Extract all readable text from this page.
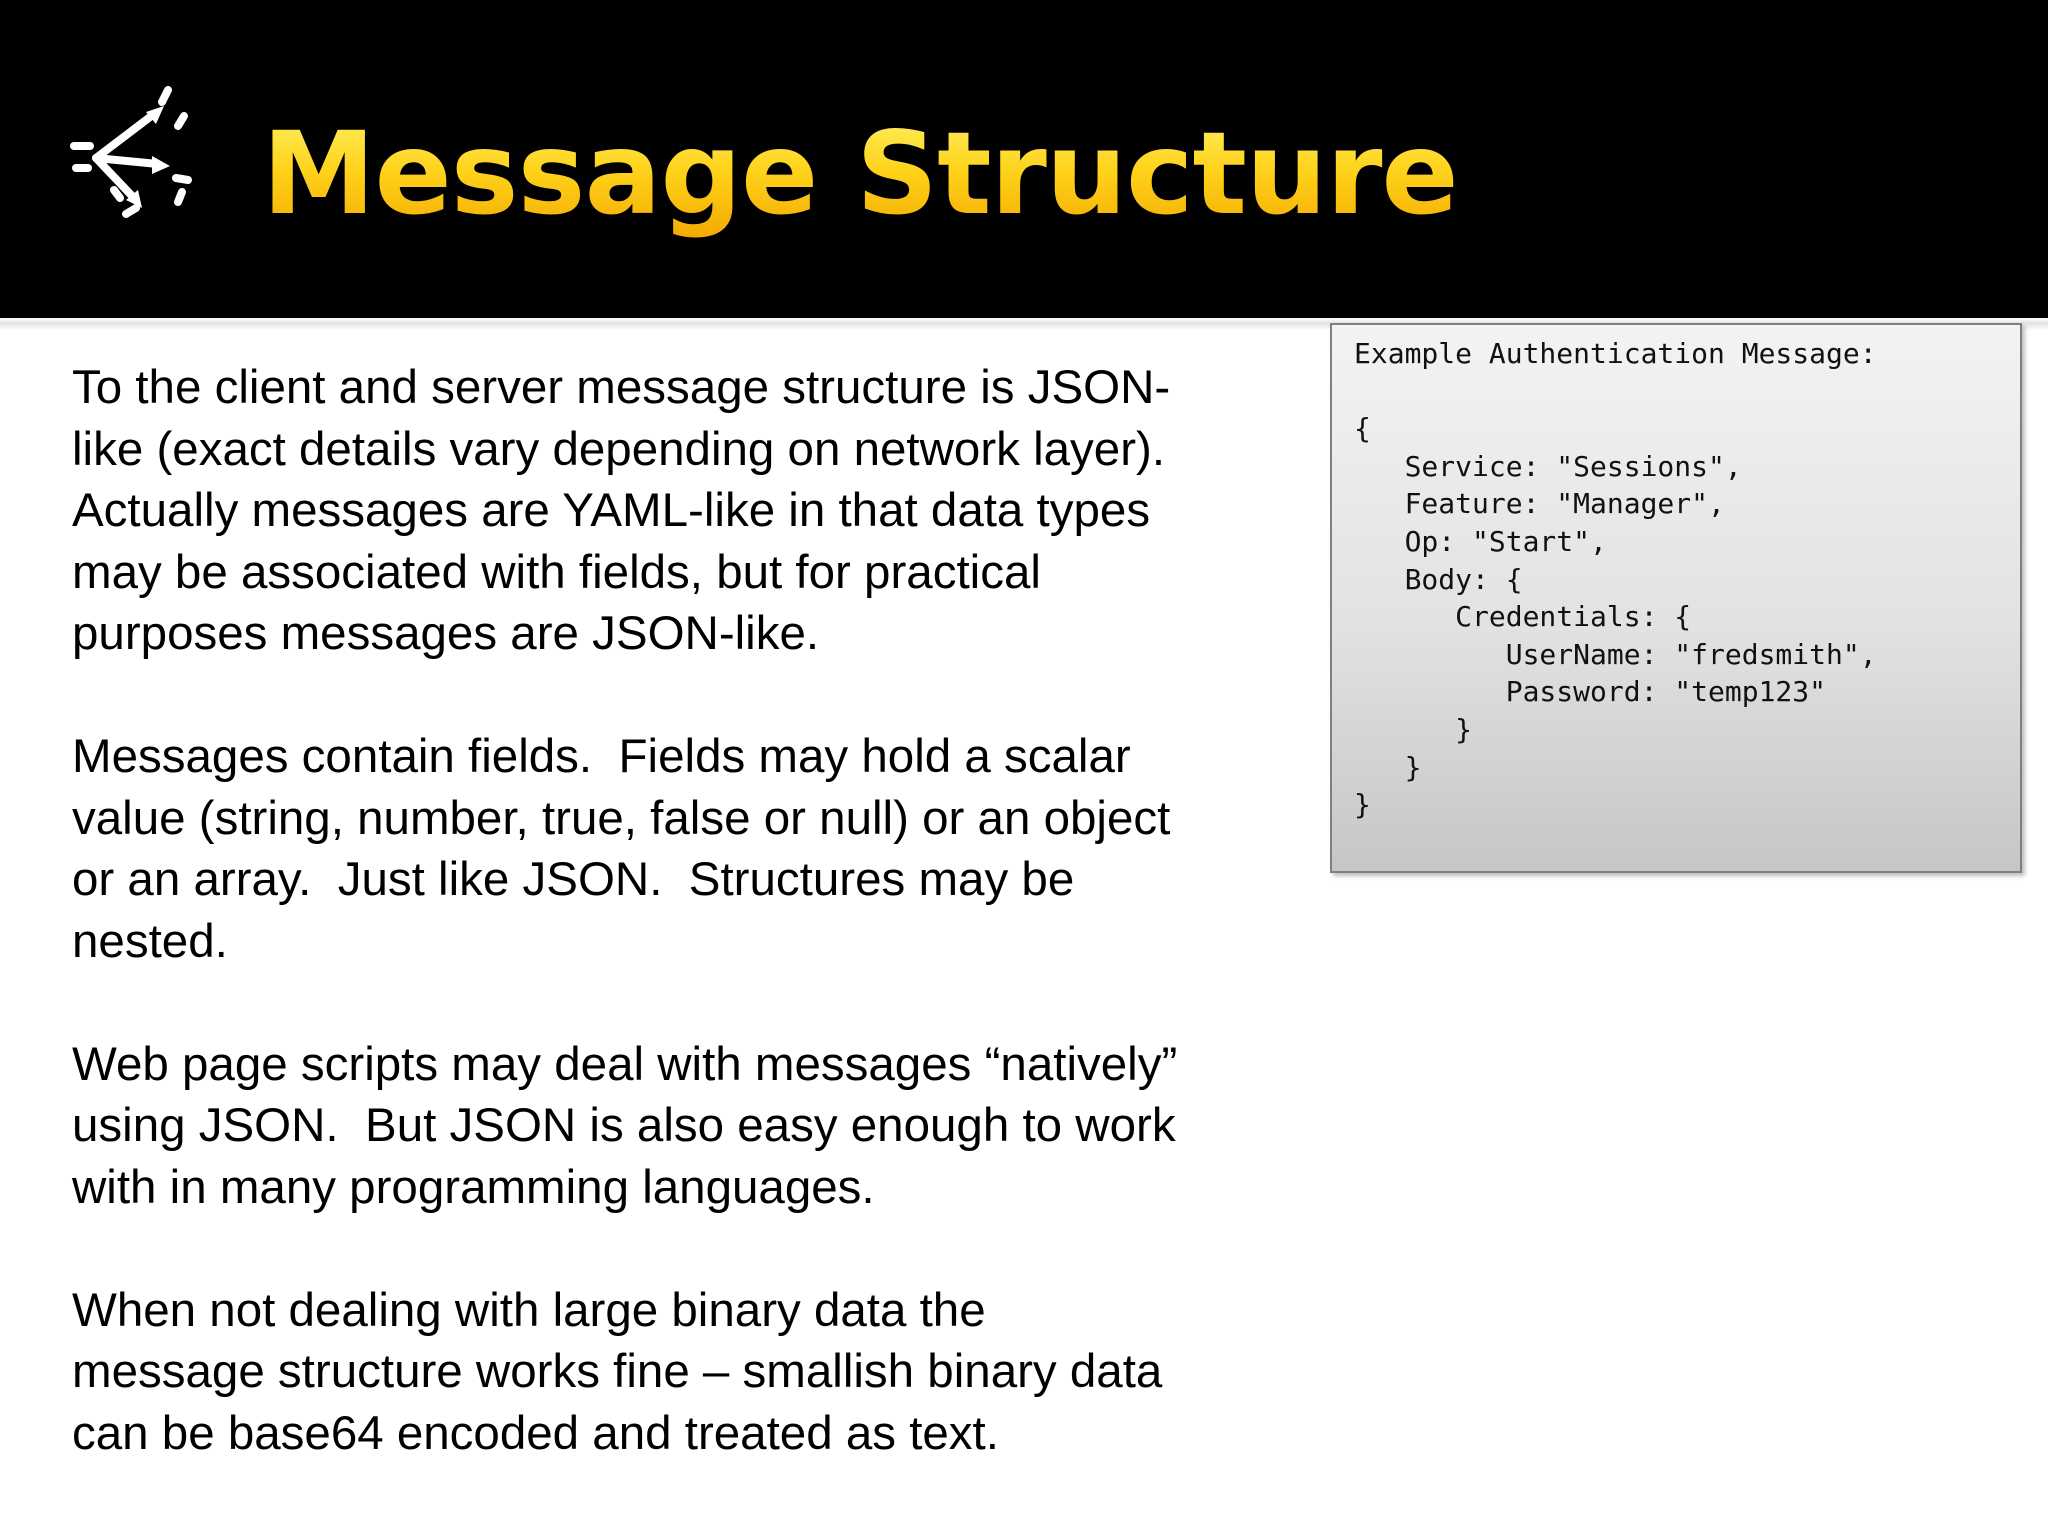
Message Structure

To the client and server message structure is JSON-
like (exact details vary depending on network layer).
Actually messages are YAML-like in that data types
may be associated with fields, but for practical
purposes messages are JSON-like.

Messages contain fields.  Fields may hold a scalar
value (string, number, true, false or null) or an object
or an array.  Just like JSON.  Structures may be
nested.

Web page scripts may deal with messages “natively”
using JSON.  But JSON is also easy enough to work
with in many programming languages.

When not dealing with large binary data the
message structure works fine – smallish binary data
can be base64 encoded and treated as text.

Example Authentication Message:

{
Service: "Sessions",
Feature: "Manager",
Op: "Start",
Body: {
Credentials: {
UserName: "fredsmith",
Password: "temp123"
}
}
}
